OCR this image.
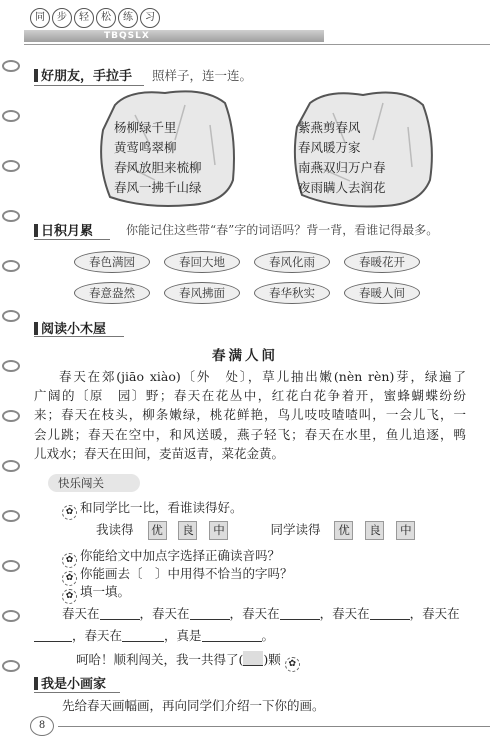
同	步	轻	松	练	习
TBQSLX
好朋友，手拉手 照样子，连一连。
杨柳绿千里
黄莺鸣翠柳
春风放胆来梳柳
春风一拂千山绿
紫燕剪春风
春风暖万家
南燕双归万户春
夜雨瞒人去润花
日积月累	你能记住这些带“春”字的词语吗？背一背，看谁记得最多。
春色满园	春回大地	春风化雨	春暖花开
春意盎然	春风拂面	春华秋实	春暖人间
阅读小木屋
春满人间
春天在郊(jiāo xiào)〔外　处〕，草儿抽出嫩(nèn rèn)芽，绿遍了
广阔的〔原　园〕野；春天在花丛中，红花白花争着开，蜜蜂蝴蝶纷纷
来；春天在枝头，柳条嫩绿，桃花鲜艳，鸟儿吱吱喳喳叫，一会儿飞，一
会儿跳；春天在空中，和风送暖，燕子轻飞；春天在水里，鱼儿追逐，鸭
儿戏水；春天在田间，麦苗返青，菜花金黄。
快乐闯关
✿ 和同学比一比，看谁读得好。
我读得 优 良 中	同学读得 优 良 中
✿ 你能给文中加点字选择正确读音吗？
✿ 你能画去〔　〕中用得不恰当的字吗？
✿ 填一填。
春天在	，春天在	，春天在	，春天在	，春天在
，春天在	，真是	。
呵哈！顺利闯关，我一共得了( )颗 ✿
我是小画家
先给春天画幅画，再向同学们介绍一下你的画。
8
